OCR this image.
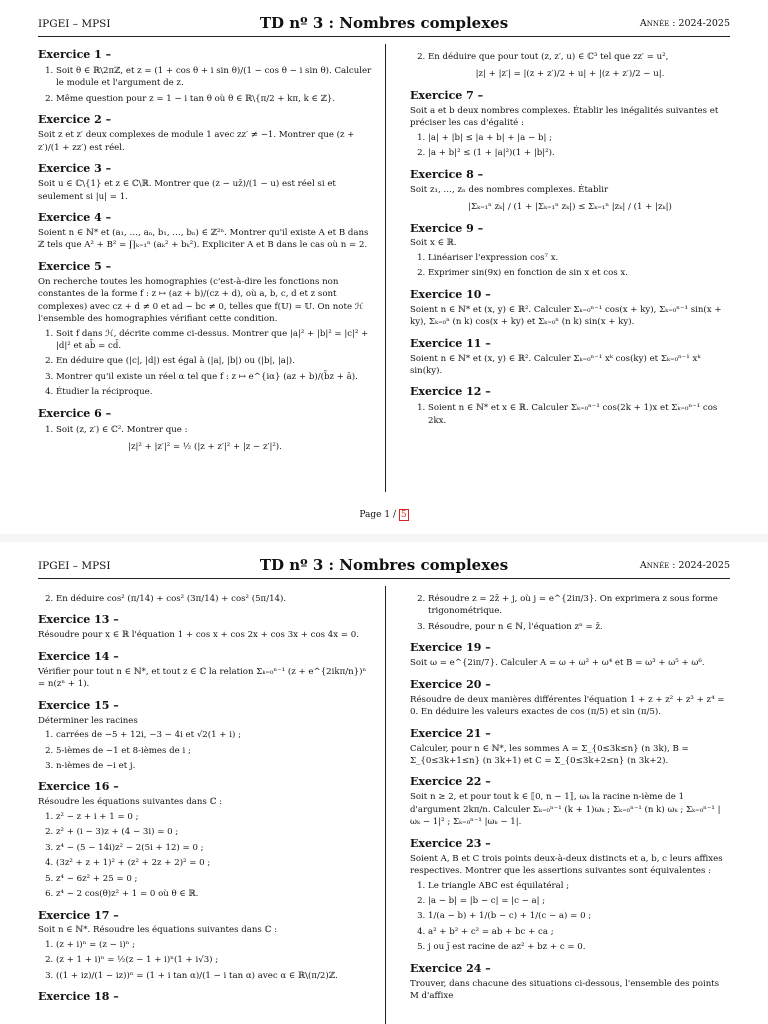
IPGEI – MPSI	TD nº 3 : Nombres complexes	Année : 2024-2025
Exercice 1 –
1. Soit θ ∈ ℝ\2πℤ, et z = (1 + cos θ + i sin θ)/(1 − cos θ − i sin θ). Calculer le module et l'argument de z.
2. Même question pour z = 1 − i tan θ où θ ∈ ℝ\{π/2 + kπ, k ∈ ℤ}.
Exercice 2 –

Soit z et z′ deux complexes de module 1 avec zz′ ≠ −1. Montrer que (z + z′)/(1 + zz′) est réel.

Exercice 3 –

Soit u ∈ ℂ\{1} et z ∈ ℂ\ℝ. Montrer que (z − uz̄)/(1 − u) est réel si et seulement si |u| = 1.

Exercice 4 –

Soient n ∈ ℕ* et (a₁, …, aₙ, b₁, …, bₙ) ∈ ℤ²ⁿ. Montrer qu'il existe A et B dans ℤ tels que A² + B² = ∏ₖ₌₁ⁿ (aₖ² + bₖ²). Expliciter A et B dans le cas où n = 2.

Exercice 5 –

On recherche toutes les homographies (c'est-à-dire les fonctions non constantes de la forme f : z ↦ (az + b)/(cz + d), où a, b, c, d et z sont complexes) avec cz + d ≠ 0 et ad − bc ≠ 0, telles que f(𝕌) = 𝕌. On note ℋ l'ensemble des homographies vérifiant cette condition.

1. Soit f dans ℋ, décrite comme ci-dessus. Montrer que |a|² + |b|² = |c|² + |d|² et ab̄ = cd̄.
2. En déduire que (|c|, |d|) est égal à (|a|, |b|) ou (|b|, |a|).
3. Montrer qu'il existe un réel α tel que f : z ↦ e^{iα} (az + b)/(b̄z + ā).
4. Étudier la réciproque.
Exercice 6 –
1. Soit (z, z′) ∈ ℂ². Montrer que :
|z|² + |z′|² = ½ (|z + z′|² + |z − z′|²).
2. En déduire que pour tout (z, z′, u) ∈ ℂ³ tel que zz′ = u²,
|z| + |z′| = |(z + z′)/2 + u| + |(z + z′)/2 − u|.
Exercice 7 –

Soit a et b deux nombres complexes. Établir les inégalités suivantes et préciser les cas d'égalité :

1. |a| + |b| ≤ |a + b| + |a − b| ;
2. |a + b|² ≤ (1 + |a|²)(1 + |b|²).
Exercice 8 –

Soit z₁, …, zₙ des nombres complexes. Établir

|Σₖ₌₁ⁿ zₖ| / (1 + |Σₖ₌₁ⁿ zₖ|) ≤ Σₖ₌₁ⁿ |zₖ| / (1 + |zₖ|)
Exercice 9 –

Soit x ∈ ℝ.

1. Linéariser l'expression cos⁷ x.
2. Exprimer sin(9x) en fonction de sin x et cos x.
Exercice 10 –

Soient n ∈ ℕ* et (x, y) ∈ ℝ². Calculer Σₖ₌₀ⁿ⁻¹ cos(x + ky), Σₖ₌₀ⁿ⁻¹ sin(x + ky), Σₖ₌₀ⁿ (n k) cos(x + ky) et Σₖ₌₀ⁿ (n k) sin(x + ky).

Exercice 11 –

Soient n ∈ ℕ* et (x, y) ∈ ℝ². Calculer Σₖ₌₀ⁿ⁻¹ xᵏ cos(ky) et Σₖ₌₀ⁿ⁻¹ xᵏ sin(ky).

Exercice 12 –
1. Soient n ∈ ℕ* et x ∈ ℝ. Calculer Σₖ₌₀ⁿ⁻¹ cos(2k + 1)x et Σₖ₌₀ⁿ⁻¹ cos 2kx.
Page 1 / 5
IPGEI – MPSI	TD nº 3 : Nombres complexes	Année : 2024-2025
2. En déduire cos² (π/14) + cos² (3π/14) + cos² (5π/14).
Exercice 13 –

Résoudre pour x ∈ ℝ l'équation 1 + cos x + cos 2x + cos 3x + cos 4x = 0.

Exercice 14 –

Vérifier pour tout n ∈ ℕ*, et tout z ∈ ℂ la relation Σₖ₌₀ⁿ⁻¹ (z + e^{2ikπ/n})ⁿ = n(zⁿ + 1).

Exercice 15 –

Déterminer les racines

1. carrées de −5 + 12i, −3 − 4i et √2(1 + i) ;
2. 5-ièmes de −1 et 8-ièmes de i ;
3. n-ièmes de −i et j.
Exercice 16 –

Résoudre les équations suivantes dans ℂ :

1. z² − z + i + 1 = 0 ;
2. z² + (i − 3)z + (4 − 3i) = 0 ;
3. z⁴ − (5 − 14i)z² − 2(5i + 12) = 0 ;
4. (3z² + z + 1)² + (z² + 2z + 2)² = 0 ;
5. z⁴ − 6z² + 25 = 0 ;
6. z⁴ − 2 cos(θ)z² + 1 = 0 où θ ∈ ℝ.
Exercice 17 –

Soit n ∈ ℕ*. Résoudre les équations suivantes dans ℂ :

1. (z + i)ⁿ = (z − i)ⁿ ;
2. (z + 1 + i)ⁿ = ½(z − 1 + i)ⁿ(1 + i√3) ;
3. ((1 + iz)/(1 − iz))ⁿ = (1 + i tan α)/(1 − i tan α) avec α ∈ ℝ\(π/2)ℤ.
Exercice 18 –
2. Résoudre z = 2z̄ + j, où j = e^{2iπ/3}. On exprimera z sous forme trigonométrique.
3. Résoudre, pour n ∈ ℕ, l'équation zⁿ = z̄.
Exercice 19 –

Soit ω = e^{2iπ/7}. Calculer A = ω + ω² + ω⁴ et B = ω³ + ω⁵ + ω⁶.

Exercice 20 –

Résoudre de deux manières différentes l'équation 1 + z + z² + z³ + z⁴ = 0. En déduire les valeurs exactes de cos (π/5) et sin (π/5).

Exercice 21 –

Calculer, pour n ∈ ℕ*, les sommes A = Σ_{0≤3k≤n} (n 3k), B = Σ_{0≤3k+1≤n} (n 3k+1) et C = Σ_{0≤3k+2≤n} (n 3k+2).

Exercice 22 –

Soit n ≥ 2, et pour tout k ∈ ⟦0, n − 1⟧, ωₖ la racine n-ième de 1 d'argument 2kπ/n. Calculer Σₖ₌₀ⁿ⁻¹ (k + 1)ωₖ ; Σₖ₌₀ⁿ⁻¹ (n k) ωₖ ; Σₖ₌₀ⁿ⁻¹ |ωₖ − 1|² ; Σₖ₌₀ⁿ⁻¹ |ωₖ − 1|.

Exercice 23 –

Soient A, B et C trois points deux-à-deux distincts et a, b, c leurs affixes respectives. Montrer que les assertions suivantes sont équivalentes :

1. Le triangle ABC est équilatéral ;
2. |a − b| = |b − c| = |c − a| ;
3. 1/(a − b) + 1/(b − c) + 1/(c − a) = 0 ;
4. a² + b² + c² = ab + bc + ca ;
5. j ou j̄ est racine de az² + bz + c = 0.
Exercice 24 –

Trouver, dans chacune des situations ci-dessous, l'ensemble des points M d'affixe
